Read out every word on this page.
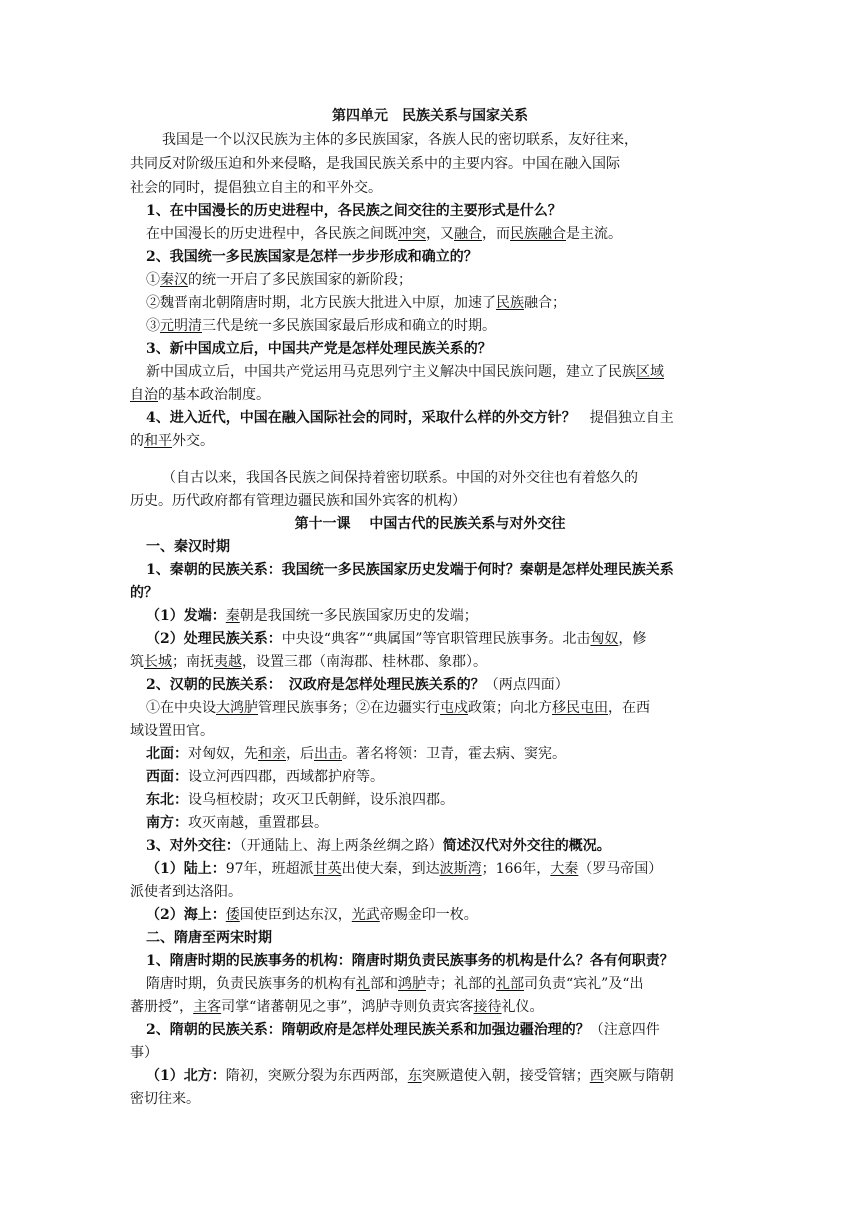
第四单元　民族关系与国家关系
我国是一个以汉民族为主体的多民族国家，各族人民的密切联系，友好往来，
共同反对阶级压迫和外来侵略，是我国民族关系中的主要内容。中国在融入国际
社会的同时，提倡独立自主的和平外交。
1、在中国漫长的历史进程中，各民族之间交往的主要形式是什么？
在中国漫长的历史进程中，各民族之间既冲突，又融合，而民族融合是主流。
2、我国统一多民族国家是怎样一步步形成和确立的？
①秦汉的统一开启了多民族国家的新阶段；
②魏晋南北朝隋唐时期，北方民族大批进入中原，加速了民族融合；
③元明清三代是统一多民族国家最后形成和确立的时期。
3、新中国成立后，中国共产党是怎样处理民族关系的？
新中国成立后，中国共产党运用马克思列宁主义解决中国民族问题，建立了民族区域
自治的基本政治制度。
4、进入近代，中国在融入国际社会的同时，采取什么样的外交方针？　提倡独立自主
的和平外交。
（自古以来，我国各民族之间保持着密切联系。中国的对外交往也有着悠久的
历史。历代政府都有管理边疆民族和国外宾客的机构）
第十一课　 中国古代的民族关系与对外交往
一、秦汉时期
1、秦朝的民族关系：我国统一多民族国家历史发端于何时？秦朝是怎样处理民族关系
的？
（1）发端：秦朝是我国统一多民族国家历史的发端；
（2）处理民族关系：中央设“典客”“典属国”等官职管理民族事务。北击匈奴，修
筑长城；南抚夷越，设置三郡（南海郡、桂林郡、象郡）。
2、汉朝的民族关系：　汉政府是怎样处理民族关系的？（两点四面）
①在中央设大鸿胪管理民族事务；②在边疆实行屯戍政策；向北方移民屯田，在西
域设置田官。
北面：对匈奴，先和亲，后出击。著名将领：卫青，霍去病、窦宪。
西面：设立河西四郡，西域都护府等。
东北：设乌桓校尉；攻灭卫氏朝鲜，设乐浪四郡。
南方：攻灭南越，重置郡县。
3、对外交往：（开通陆上、海上两条丝绸之路）简述汉代对外交往的概况。
（1）陆上：97年，班超派甘英出使大秦，到达波斯湾；166年，大秦（罗马帝国）
派使者到达洛阳。
（2）海上：倭国使臣到达东汉，光武帝赐金印一枚。
二、隋唐至两宋时期
1、隋唐时期的民族事务的机构：隋唐时期负责民族事务的机构是什么？各有何职责？
隋唐时期，负责民族事务的机构有礼部和鸿胪寺；礼部的礼部司负责“宾礼”及“出
蕃册授”，主客司掌“诸蕃朝见之事”，鸿胪寺则负责宾客接待礼仪。
2、隋朝的民族关系：隋朝政府是怎样处理民族关系和加强边疆治理的？（注意四件
事）
（1）北方：隋初，突厥分裂为东西两部，东突厥遣使入朝，接受管辖；西突厥与隋朝
密切往来。
